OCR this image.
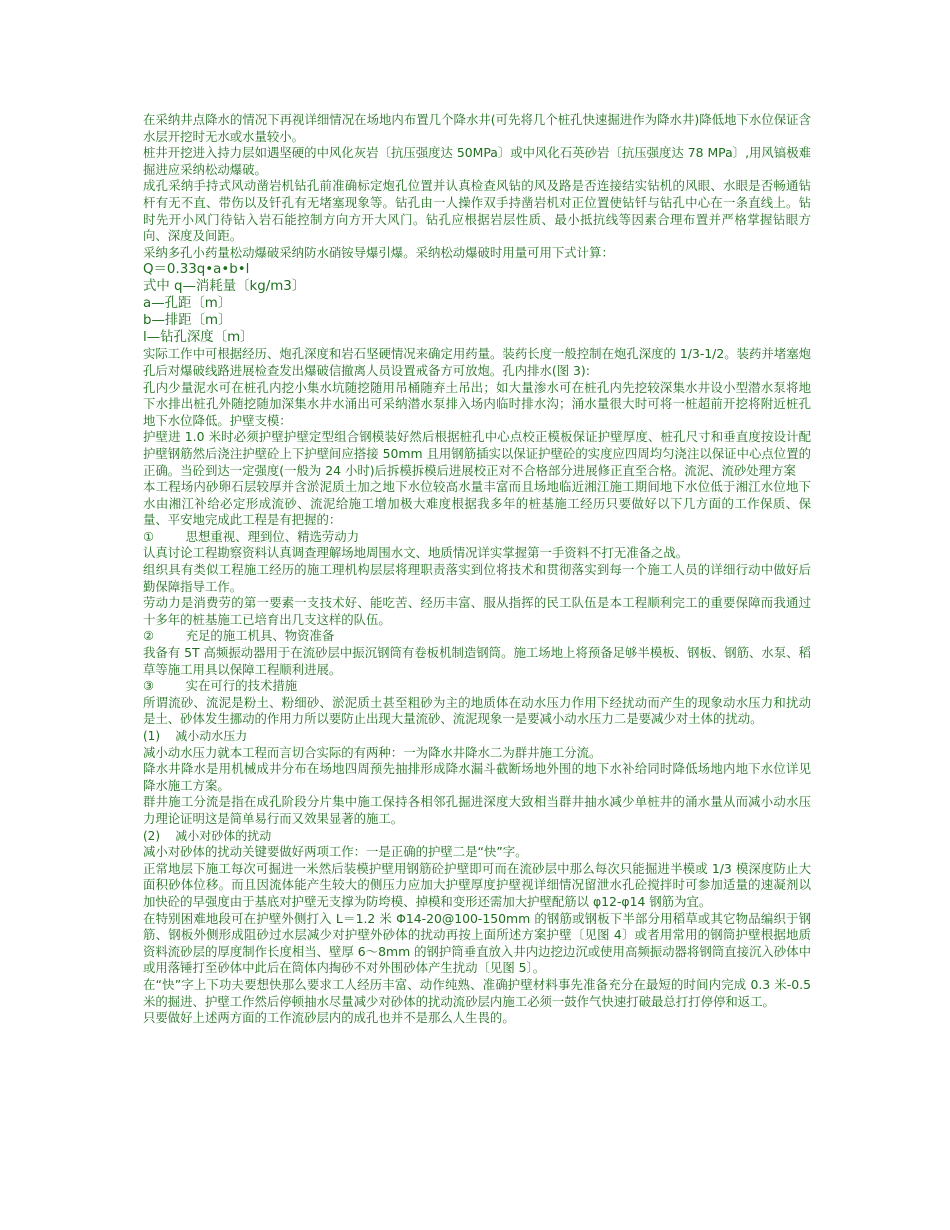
在采纳井点降水的情况下再视详细情况在场地内布置几个降水井(可先将几个桩孔快速掘进作为降水井)降低地下水位保证含水层开挖时无水或水量较小。

桩井开挖进入持力层如遇坚硬的中风化灰岩〔抗压强度达 50MPa〕或中风化石英砂岩〔抗压强度达 78 MPa〕,用风镐极难掘进应采纳松动爆破。

成孔采纳手持式风动凿岩机钻孔前准确标定炮孔位置并认真检查风钻的风及路是否连接结实钻机的风眼、水眼是否畅通钻杆有无不直、带伤以及钎孔有无堵塞现象等。钻孔由一人操作双手持凿岩机对正位置使钻钎与钻孔中心在一条直线上。钻时先开小风门待钻入岩石能控制方向方开大风门。钻孔应根据岩层性质、最小抵抗线等因素合理布置并严格掌握钻眼方向、深度及间距。

采纳多孔小药量松动爆破采纳防水硝铵导爆引爆。采纳松动爆破时用量可用下式计算：

Q＝0.33q•a•b•l

式中 q—消耗量〔kg/m3〕

a—孔距〔m〕

b—排距〔m〕

l—钻孔深度〔m〕

实际工作中可根据经历、炮孔深度和岩石坚硬情况来确定用药量。装药长度一般控制在炮孔深度的 1/3-1/2。装药并堵塞炮孔后对爆破线路进展检查发出爆破信撤离人员设置戒备方可放炮。孔内排水(图 3):

孔内少量泥水可在桩孔内挖小集水坑随挖随用吊桶随弃土吊出；如大量渗水可在桩孔内先挖较深集水井设小型潜水泵将地下水排出桩孔外随挖随加深集水井水涌出可采纳潜水泵排入场内临时排水沟；涌水量很大时可将一桩超前开挖将附近桩孔地下水位降低。护壁支模：

护壁进 1.0 米时必须护壁护壁定型组合钢模装好然后根据桩孔中心点校正模板保证护壁厚度、桩孔尺寸和垂直度按设计配护壁钢筋然后浇注护壁砼上下护壁间应搭接 50mm 且用钢筋插实以保证护壁砼的实度应四周均匀浇注以保证中心点位置的正确。当砼到达一定强度(一般为 24 小时)后拆模拆模后进展校正对不合格部分进展修正直至合格。流泥、流砂处理方案

本工程场内砂卵石层较厚并含淤泥质土加之地下水位较高水量丰富而且场地临近湘江施工期间地下水位低于湘江水位地下水由湘江补给必定形成流砂、流泥给施工增加极大难度根据我多年的桩基施工经历只要做好以下几方面的工作保质、保量、平安地完成此工程是有把握的：

①        思想重视、理到位、精选劳动力

认真讨论工程勘察资料认真调查理解场地周围水文、地质情况详实掌握第一手资料不打无准备之战。

组织具有类似工程施工经历的施工理机构层层将理职责落实到位将技术和贯彻落实到每一个施工人员的详细行动中做好后勤保障指导工作。

劳动力是消费劳的第一要素一支技术好、能吃苦、经历丰富、服从指挥的民工队伍是本工程顺利完工的重要保障而我通过十多年的桩基施工已培育出几支这样的队伍。

②        充足的施工机具、物资准备

我备有 5T 高频振动器用于在流砂层中振沉钢筒有卷板机制造钢筒。施工场地上将预备足够半模板、钢板、钢筋、水泵、稻草等施工用具以保障工程顺利进展。

③        实在可行的技术措施

所谓流砂、流泥是粉土、粉细砂、淤泥质土甚至粗砂为主的地质体在动水压力作用下经扰动而产生的现象动水压力和扰动是土、砂体发生挪动的作用力所以要防止出现大量流砂、流泥现象一是要减小动水压力二是要减少对土体的扰动。

(1)    减小动水压力

减小动水压力就本工程而言切合实际的有两种：一为降水井降水二为群井施工分流。

降水井降水是用机械成井分布在场地四周预先抽排形成降水漏斗截断场地外围的地下水补给同时降低场地内地下水位详见降水施工方案。

群井施工分流是指在成孔阶段分片集中施工保持各相邻孔掘进深度大致相当群井抽水减少单桩井的涌水量从而减小动水压力理论证明这是简单易行而又效果显著的施工。

(2)    减小对砂体的扰动

减小对砂体的扰动关键要做好两项工作：一是正确的护壁二是“快”字。

正常地层下施工每次可掘进一米然后装模护壁用钢筋砼护壁即可而在流砂层中那么每次只能掘进半模或 1/3 模深度防止大面积砂体位移。而且因流体能产生较大的侧压力应加大护壁厚度护壁视详细情况留泄水孔砼搅拌时可参加适量的速凝剂以加快砼的早强度由于基底对护壁无支撑为防垮模、掉模和变形还需加大护壁配筋以 φ12-φ14 钢筋为宜。

在特别困难地段可在护壁外侧打入 L＝1.2 米 Φ14-20@100-150mm 的钢筋或钢板下半部分用稻草或其它物品编织于钢筋、钢板外侧形成阻砂过水层减少对护壁外砂体的扰动再按上面所述方案护壁〔见图 4〕或者用常用的钢筒护壁根据地质资料流砂层的厚度制作长度相当、壁厚 6～8mm 的钢护筒垂直放入井内边挖边沉或使用高频振动器将钢筒直接沉入砂体中或用落锤打至砂体中此后在筒体内掏砂不对外围砂体产生扰动〔见图 5〕。

在“快”字上下功夫要想快那么要求工人经历丰富、动作纯熟、准确护壁材料事先准备充分在最短的时间内完成 0.3 米-0.5 米的掘进、护壁工作然后停顿抽水尽量减少对砂体的扰动流砂层内施工必须一鼓作气快速打破最总打打停停和返工。

只要做好上述两方面的工作流砂层内的成孔也并不是那么人生畏的。
